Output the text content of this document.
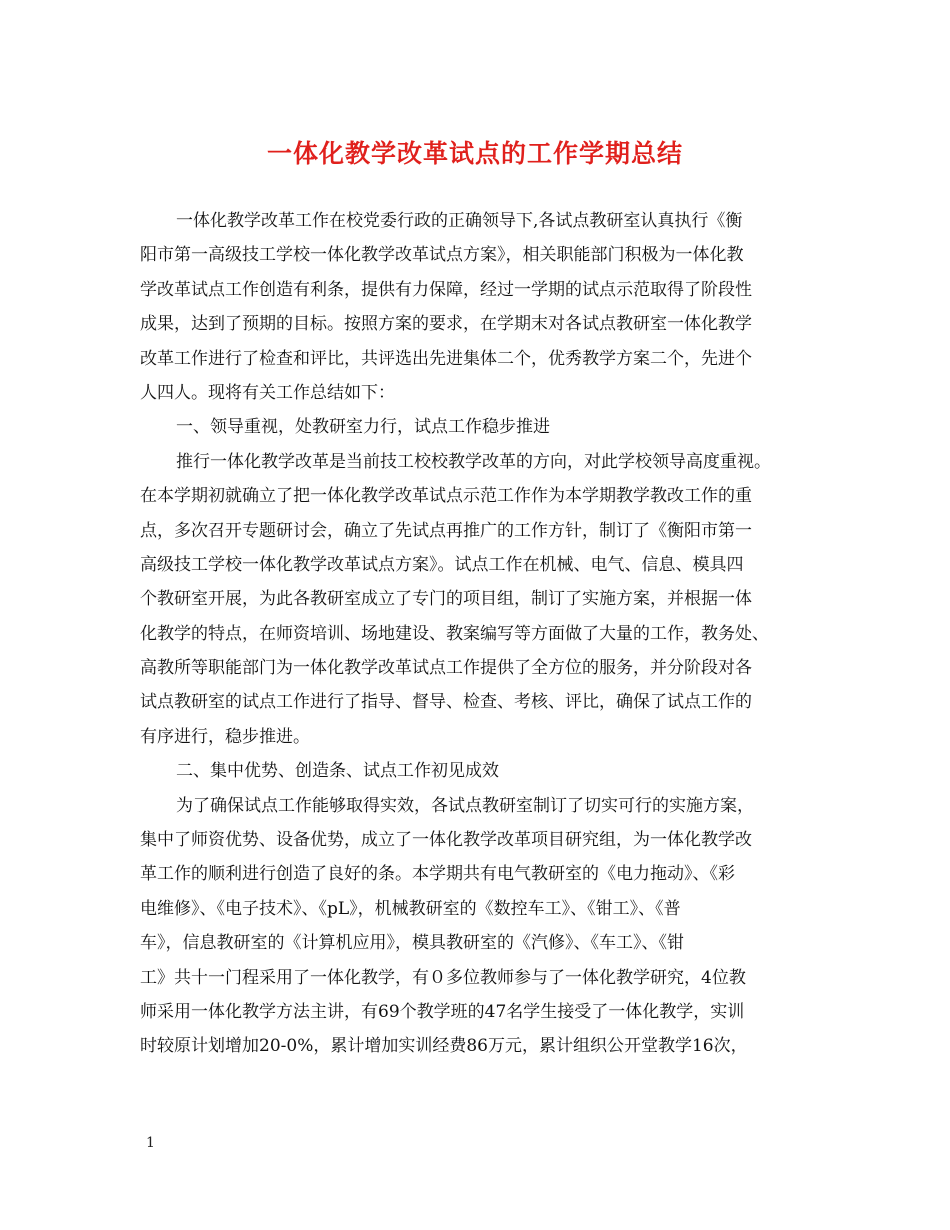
一体化教学改革试点的工作学期总结
一体化教学改革工作在校党委行政的正确领导下,各试点教研室认真执行《衡
阳市第一高级技工学校一体化教学改革试点方案》，相关职能部门积极为一体化教
学改革试点工作创造有利条，提供有力保障，经过一学期的试点示范取得了阶段性
成果，达到了预期的目标。按照方案的要求，在学期末对各试点教研室一体化教学
改革工作进行了检查和评比，共评选出先进集体二个，优秀教学方案二个，先进个
人四人。现将有关工作总结如下：
一、领导重视，处教研室力行，试点工作稳步推进
推行一体化教学改革是当前技工校校教学改革的方向，对此学校领导高度重视。
在本学期初就确立了把一体化教学改革试点示范工作作为本学期教学教改工作的重
点，多次召开专题研讨会，确立了先试点再推广的工作方针，制订了《衡阳市第一
高级技工学校一体化教学改革试点方案》。试点工作在机械、电气、信息、模具四
个教研室开展，为此各教研室成立了专门的项目组，制订了实施方案，并根据一体
化教学的特点，在师资培训、场地建设、教案编写等方面做了大量的工作，教务处、
高教所等职能部门为一体化教学改革试点工作提供了全方位的服务，并分阶段对各
试点教研室的试点工作进行了指导、督导、检查、考核、评比，确保了试点工作的
有序进行，稳步推进。
二、集中优势、创造条、试点工作初见成效
为了确保试点工作能够取得实效，各试点教研室制订了切实可行的实施方案，
集中了师资优势、设备优势，成立了一体化教学改革项目研究组，为一体化教学改
革工作的顺利进行创造了良好的条。本学期共有电气教研室的《电力拖动》、《彩
电维修》、《电子技术》、《pL》，机械教研室的《数控车工》、《钳工》、《普
车》，信息教研室的《计算机应用》，模具教研室的《汽修》、《车工》、《钳
工》共十一门程采用了一体化教学，有０多位教师参与了一体化教学研究，4位教
师采用一体化教学方法主讲，有69个教学班的47名学生接受了一体化教学，实训
时较原计划增加20-0%，累计增加实训经费86万元，累计组织公开堂教学16次，
1
